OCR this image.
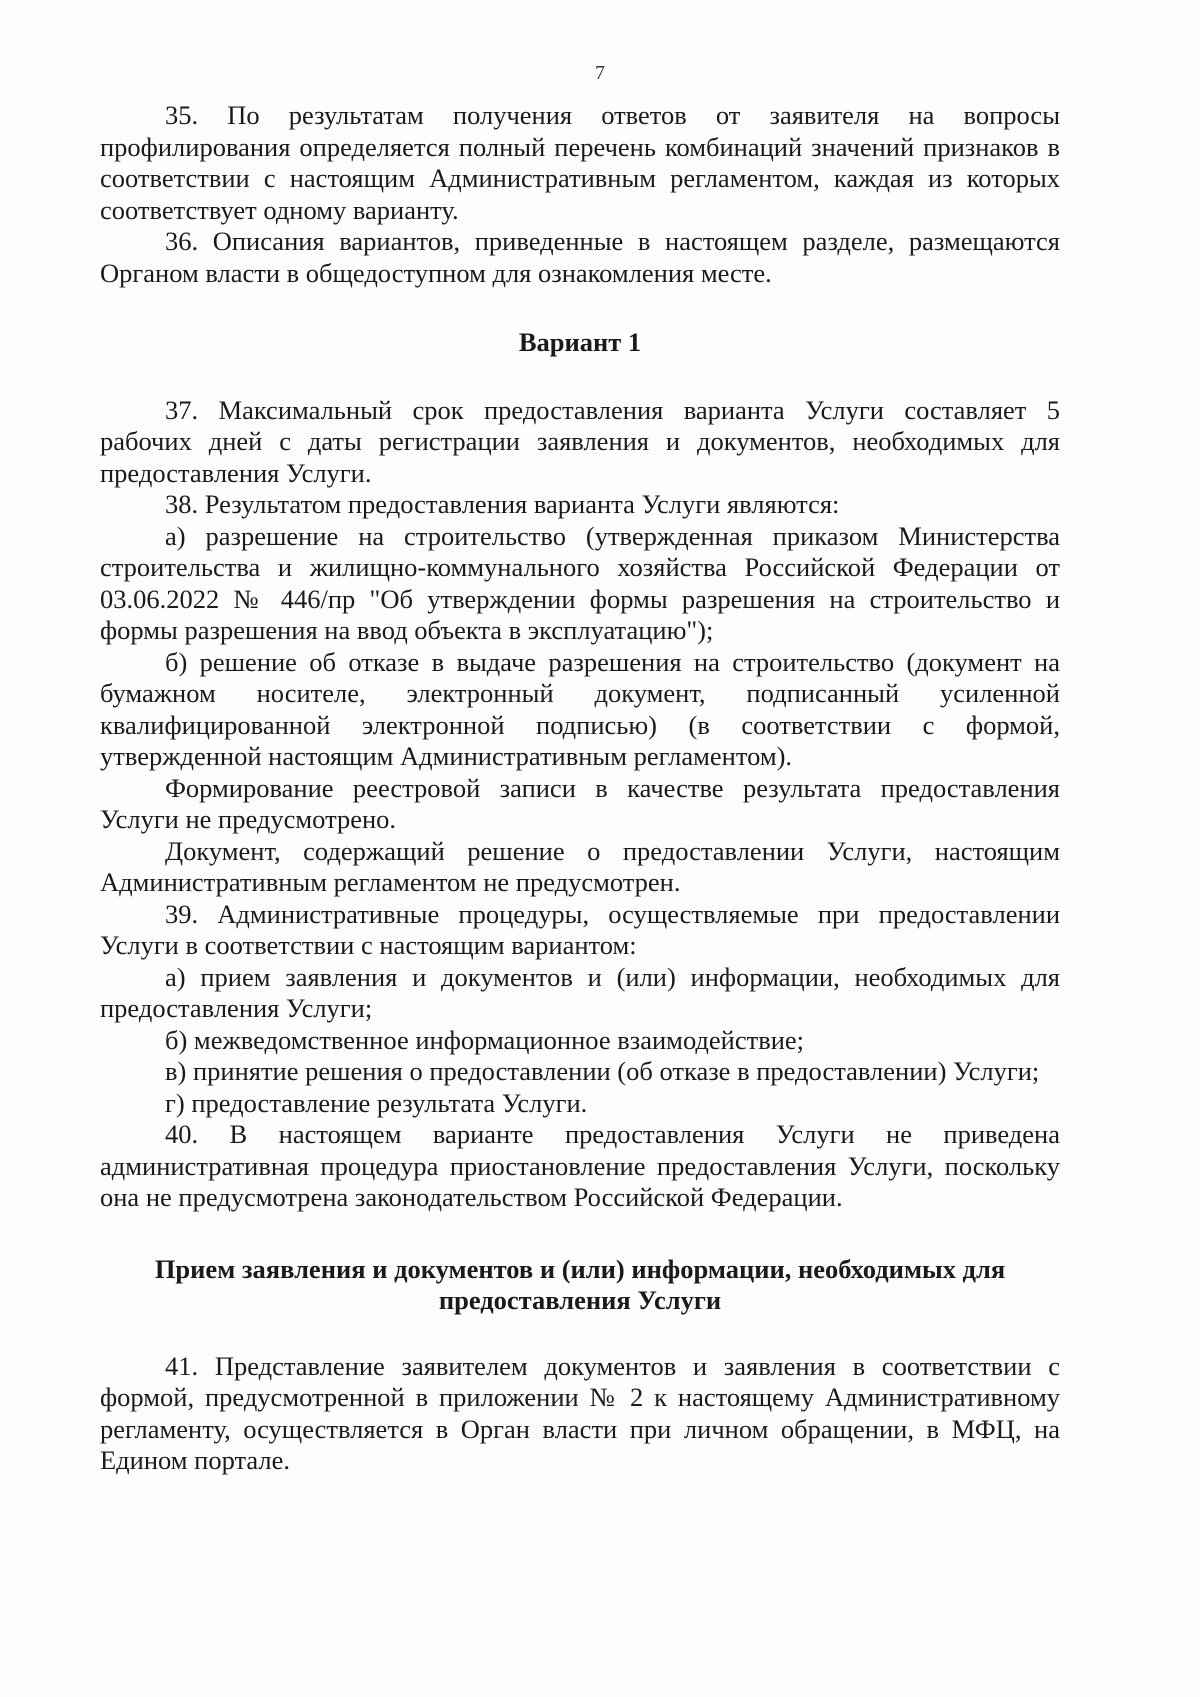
7

35. По результатам получения ответов от заявителя на вопросы профилирования определяется полный перечень комбинаций значений признаков в соответствии с настоящим Административным регламентом, каждая из которых соответствует одному варианту.

36. Описания вариантов, приведенные в настоящем разделе, размещаются Органом власти в общедоступном для ознакомления месте.

Вариант 1

37. Максимальный срок предоставления варианта Услуги составляет 5 рабочих дней с даты регистрации заявления и документов, необходимых для предоставления Услуги.

38. Результатом предоставления варианта Услуги являются:

а) разрешение на строительство (утвержденная приказом Министерства строительства и жилищно-коммунального хозяйства Российской Федерации от 03.06.2022 № 446/пр "Об утверждении формы разрешения на строительство и формы разрешения на ввод объекта в эксплуатацию");

б) решение об отказе в выдаче разрешения на строительство (документ на бумажном носителе, электронный документ, подписанный усиленной квалифицированной электронной подписью) (в соответствии с формой, утвержденной настоящим Административным регламентом).

Формирование реестровой записи в качестве результата предоставления Услуги не предусмотрено.

Документ, содержащий решение о предоставлении Услуги, настоящим Административным регламентом не предусмотрен.

39. Административные процедуры, осуществляемые при предоставлении Услуги в соответствии с настоящим вариантом:

а) прием заявления и документов и (или) информации, необходимых для предоставления Услуги;

б) межведомственное информационное взаимодействие;

в) принятие решения о предоставлении (об отказе в предоставлении) Услуги;

г) предоставление результата Услуги.

40. В настоящем варианте предоставления Услуги не приведена административная процедура приостановление предоставления Услуги, поскольку она не предусмотрена законодательством Российской Федерации.

Прием заявления и документов и (или) информации, необходимых для предоставления Услуги

41. Представление заявителем документов и заявления в соответствии с формой, предусмотренной в приложении № 2 к настоящему Административному регламенту, осуществляется в Орган власти при личном обращении, в МФЦ, на Едином портале.
